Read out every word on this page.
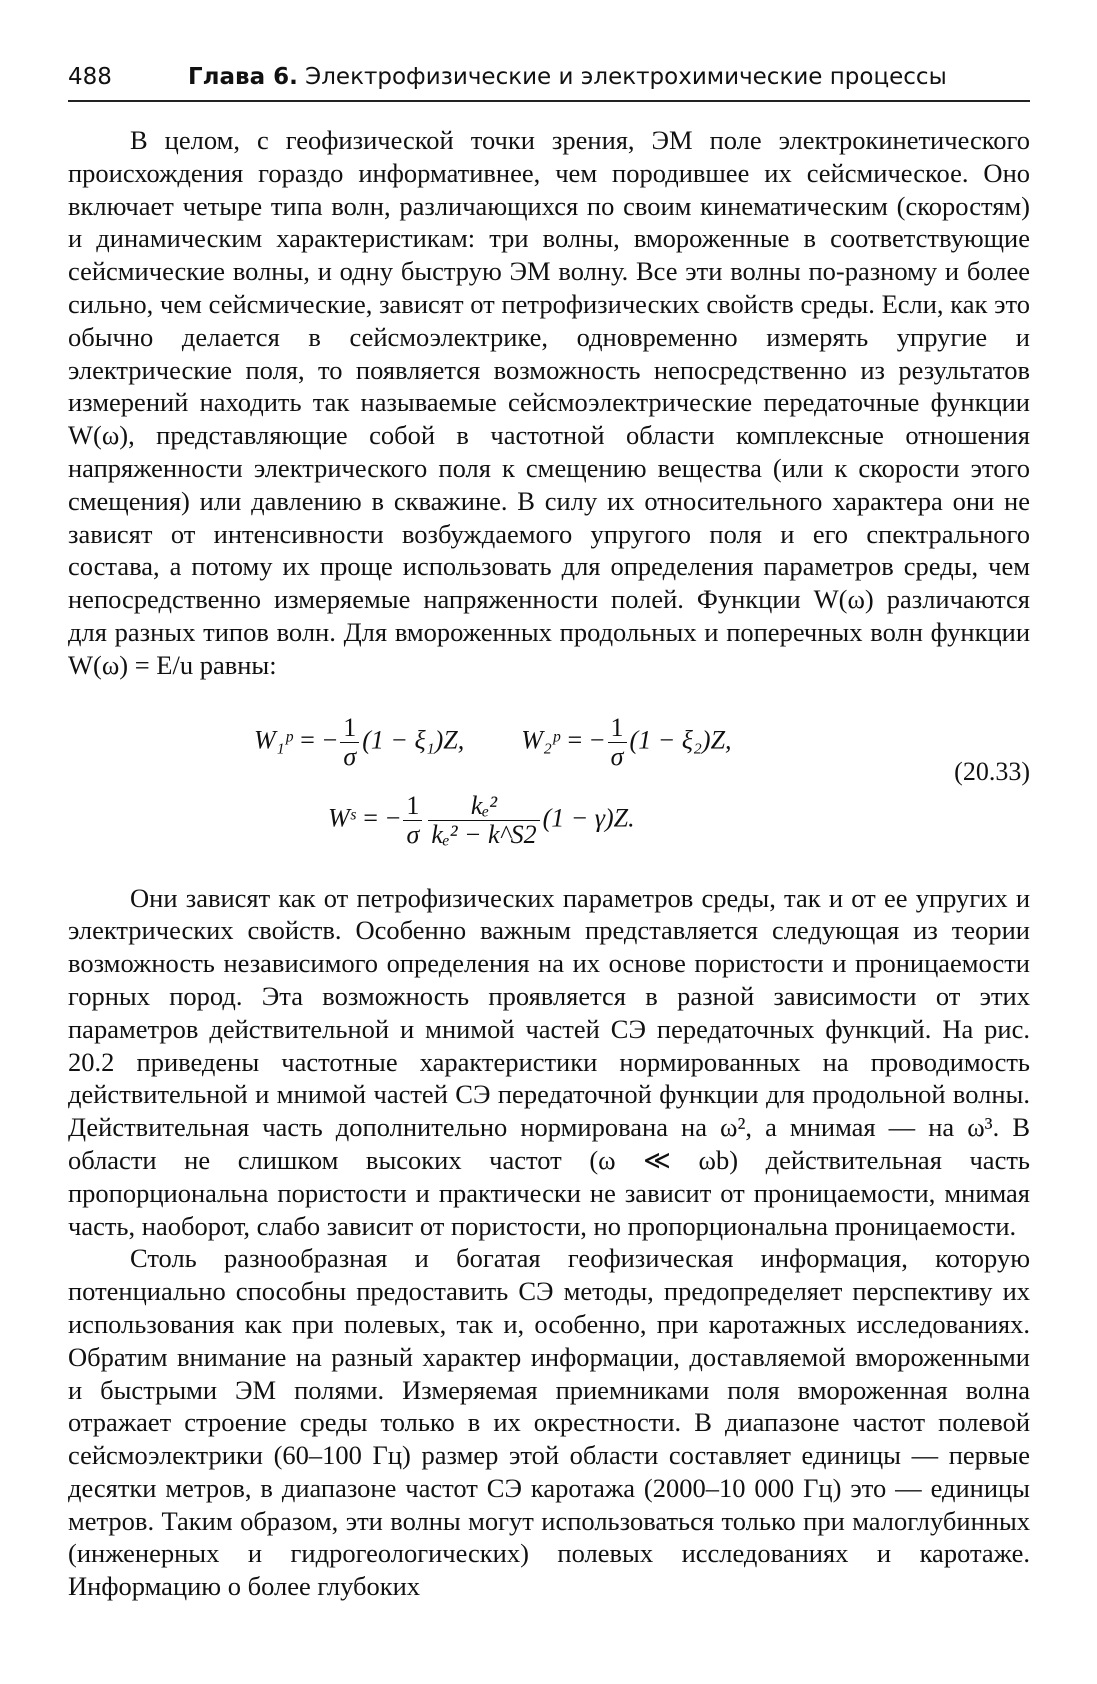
488	Глава 6. Электрофизические и электрохимические процессы

В целом, с геофизической точки зрения, ЭМ поле электрокинетического происхождения гораздо информативнее, чем породившее их сейсмическое. Оно включает четыре типа волн, различающихся по своим кинематическим (скоростям) и динамическим характеристикам: три волны, вмороженные в соответствующие сейсмические волны, и одну быструю ЭМ волну. Все эти волны по-разному и более сильно, чем сейсмические, зависят от петрофизических свойств среды. Если, как это обычно делается в сейсмоэлектрике, одновременно измерять упругие и электрические поля, то появляется возможность непосредственно из результатов измерений находить так называемые сейсмоэлектрические передаточные функции W(ω), представляющие собой в частотной области комплексные отношения напряженности электрического поля к смещению вещества (или к скорости этого смещения) или давлению в скважине. В силу их относительного характера они не зависят от интенсивности возбуждаемого упругого поля и его спектрального состава, а потому их проще использовать для определения параметров среды, чем непосредственно измеряемые напряженности полей. Функции W(ω) различаются для разных типов волн. Для вмороженных продольных и поперечных волн функции W(ω) = E/u равны:

W₁ᵖ = − $\frac{1}{\sigma} (1 - \xi_1)Z$, W₂ᵖ = − $\frac{1}{\sigma} (1 - \xi_2)Z$,
Wˢ = − $\frac{1}{\sigma} \frac{\text{kₑ²}}{\text{kₑ² − k\textasciicircum{}S2}} (1 - \gamma)Z$.
(20.33)

Они зависят как от петрофизических параметров среды, так и от ее упругих и электрических свойств. Особенно важным представляется следующая из теории возможность независимого определения на их основе пористости и проницаемости горных пород. Эта возможность проявляется в разной зависимости от этих параметров действительной и мнимой частей СЭ передаточных функций. На рис. 20.2 приведены частотные характеристики нормированных на проводимость действительной и мнимой частей СЭ передаточной функции для продольной волны. Действительная часть дополнительно нормирована на ω², а мнимая — на ω³. В области не слишком высоких частот (ω ≪ ωb) действительная часть пропорциональна пористости и практически не зависит от проницаемости, мнимая часть, наоборот, слабо зависит от пористости, но пропорциональна проницаемости.

Столь разнообразная и богатая геофизическая информация, которую потенциально способны предоставить СЭ методы, предопределяет перспективу их использования как при полевых, так и, особенно, при каротажных исследованиях. Обратим внимание на разный характер информации, доставляемой вмороженными и быстрыми ЭМ полями. Измеряемая приемниками поля вмороженная волна отражает строение среды только в их окрестности. В диапазоне частот полевой сейсмоэлектрики (60–100 Гц) размер этой области составляет единицы — первые десятки метров, в диапазоне частот СЭ каротажа (2000–10 000 Гц) это — единицы метров. Таким образом, эти волны могут использоваться только при малоглубинных (инженерных и гидрогеологических) полевых исследованиях и каротаже. Информацию о более глубоких
